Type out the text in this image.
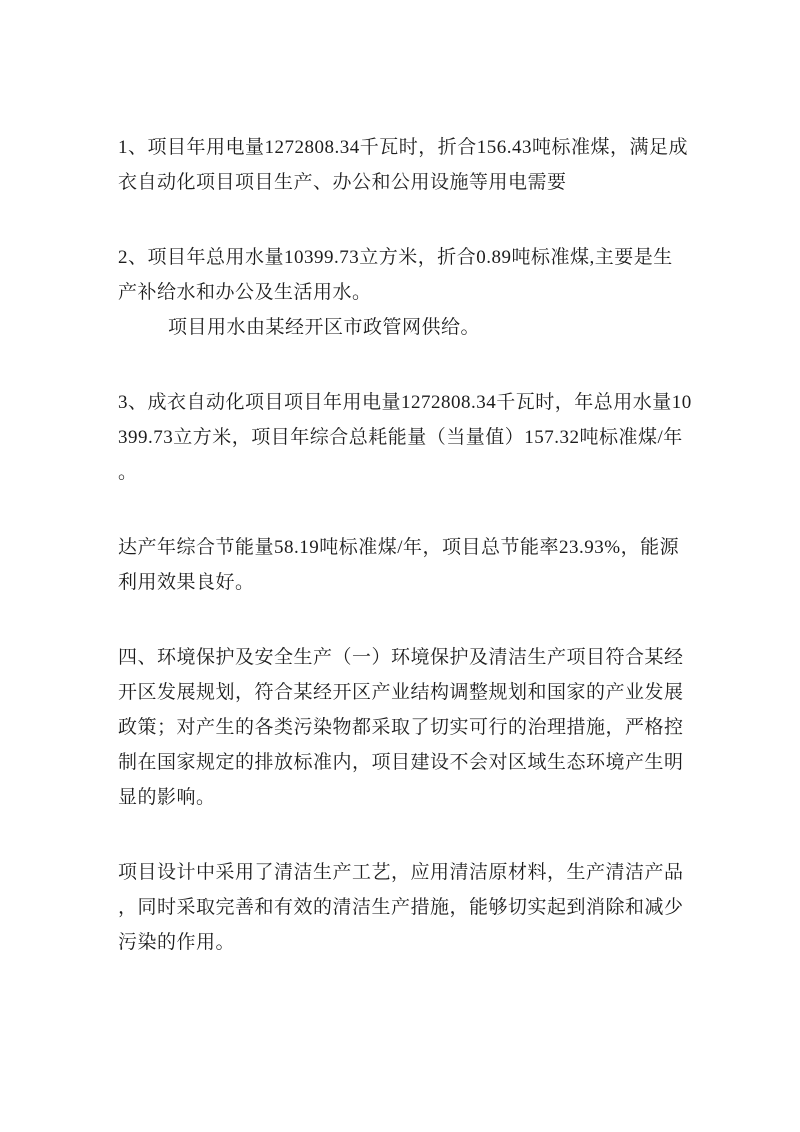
1、项目年用电量1272808.34千瓦时，折合156.43吨标准煤，满足成
衣自动化项目项目生产、办公和公用设施等用电需要
2、项目年总用水量10399.73立方米，折合0.89吨标准煤,主要是生
产补给水和办公及生活用水。
项目用水由某经开区市政管网供给。
3、成衣自动化项目项目年用电量1272808.34千瓦时，年总用水量10
399.73立方米，项目年综合总耗能量（当量值）157.32吨标准煤/年
。
达产年综合节能量58.19吨标准煤/年，项目总节能率23.93%，能源
利用效果良好。
四、环境保护及安全生产（一）环境保护及清洁生产项目符合某经
开区发展规划，符合某经开区产业结构调整规划和国家的产业发展
政策；对产生的各类污染物都采取了切实可行的治理措施，严格控
制在国家规定的排放标准内，项目建设不会对区域生态环境产生明
显的影响。
项目设计中采用了清洁生产工艺，应用清洁原材料，生产清洁产品
，同时采取完善和有效的清洁生产措施，能够切实起到消除和减少
污染的作用。
